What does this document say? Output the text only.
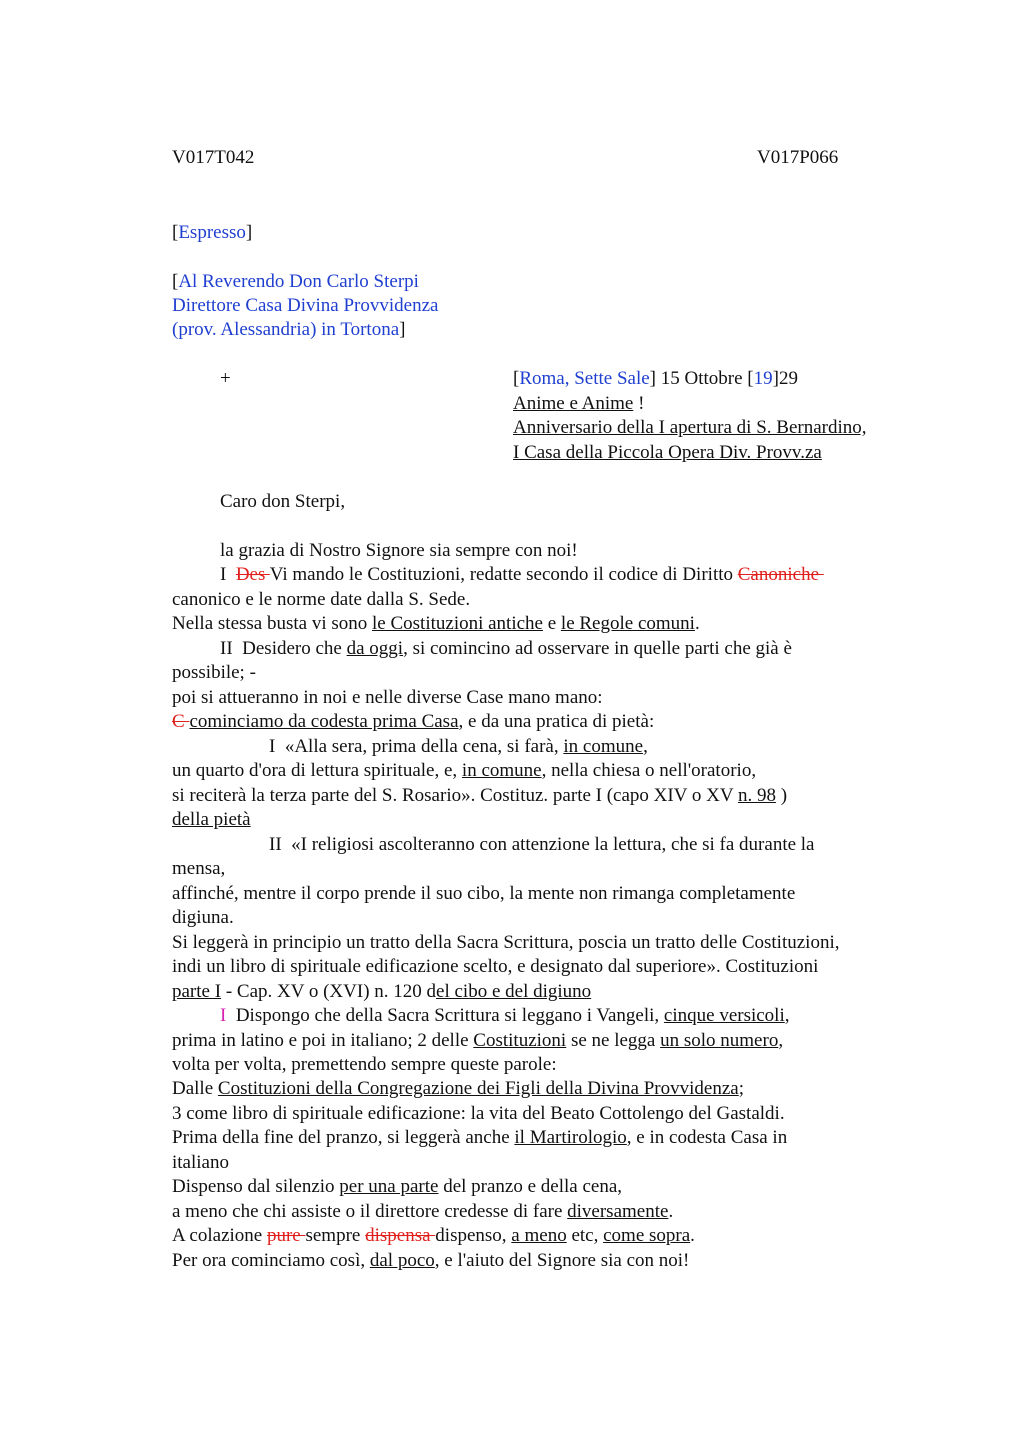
V017T042	V017P066
[Espresso]
[Al Reverendo Don Carlo Sterpi
Direttore Casa Divina Provvidenza
(prov. Alessandria) in Tortona]
+	[Roma, Sette Sale] 15 Ottobre [19]29
Anime e Anime !
Anniversario della I apertura di S. Bernardino,
I Casa della Piccola Opera Div. Provv.za
Caro don Sterpi,
la grazia di Nostro Signore sia sempre con noi!
I  Des Vi mando le Costituzioni, redatte secondo il codice di Diritto Canoniche
canonico e le norme date dalla S. Sede.
Nella stessa busta vi sono le Costituzioni antiche e le Regole comuni.
II  Desidero che da oggi, si comincino ad osservare in quelle parti che già è
possibile; -
poi si attueranno in noi e nelle diverse Case mano mano:
C cominciamo da codesta prima Casa, e da una pratica di pietà:
I  «Alla sera, prima della cena, si farà, in comune,
un quarto d'ora di lettura spirituale, e, in comune, nella chiesa o nell'oratorio,
si reciterà la terza parte del S. Rosario». Costituz. parte I (capo XIV o XV n. 98 )
della pietà
II  «I religiosi ascolteranno con attenzione la lettura, che si fa durante la
mensa,
affinché, mentre il corpo prende il suo cibo, la mente non rimanga completamente
digiuna.
Si leggerà in principio un tratto della Sacra Scrittura, poscia un tratto delle Costituzioni,
indi un libro di spirituale edificazione scelto, e designato dal superiore». Costituzioni
parte I - Cap. XV o (XVI) n. 120 del cibo e del digiuno
I  Dispongo che della Sacra Scrittura si leggano i Vangeli, cinque versicoli,
prima in latino e poi in italiano; 2 delle Costituzioni se ne legga un solo numero,
volta per volta, premettendo sempre queste parole:
Dalle Costituzioni della Congregazione dei Figli della Divina Provvidenza;
3 come libro di spirituale edificazione: la vita del Beato Cottolengo del Gastaldi.
Prima della fine del pranzo, si leggerà anche il Martirologio, e in codesta Casa in
italiano
Dispenso dal silenzio per una parte del pranzo e della cena,
a meno che chi assiste o il direttore credesse di fare diversamente.
A colazione pure sempre dispensa dispenso, a meno etc, come sopra.
Per ora cominciamo così, dal poco, e l'aiuto del Signore sia con noi!
